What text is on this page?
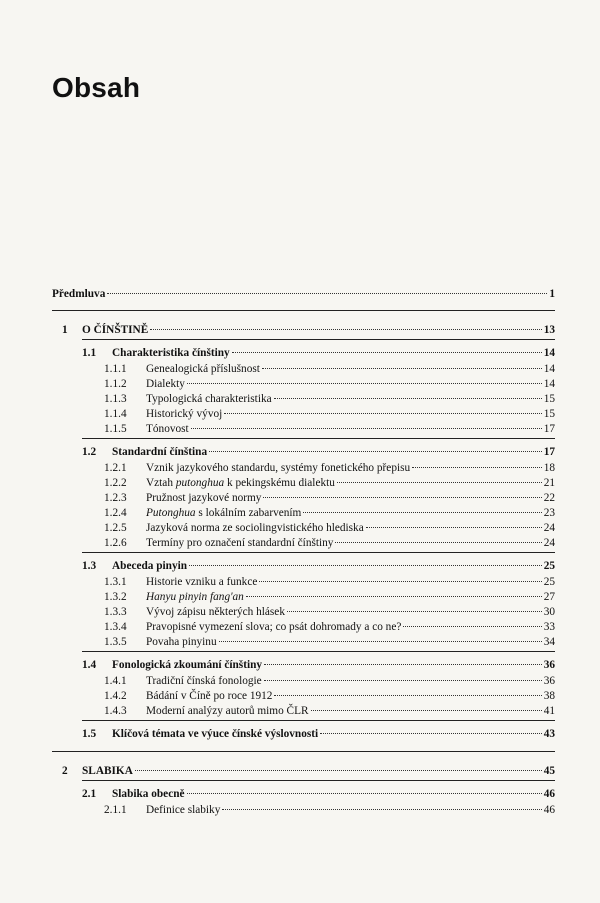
Obsah
Předmluva	1
1	O ČÍNŠTINĚ	13
1.1	Charakteristika čínštiny	14
1.1.1	Genealogická příslušnost	14
1.1.2	Dialekty	14
1.1.3	Typologická charakteristika	15
1.1.4	Historický vývoj	15
1.1.5	Tónovost	17
1.2	Standardní čínština	17
1.2.1	Vznik jazykového standardu, systémy fonetického přepisu	18
1.2.2	Vztah putonghua k pekingskému dialektu	21
1.2.3	Pružnost jazykové normy	22
1.2.4	Putonghua s lokálním zabarvením	23
1.2.5	Jazyková norma ze sociolingvistického hlediska	24
1.2.6	Termíny pro označení standardní čínštiny	24
1.3	Abeceda pinyin	25
1.3.1	Historie vzniku a funkce	25
1.3.2	Hanyu pinyin fang'an	27
1.3.3	Vývoj zápisu některých hlásek	30
1.3.4	Pravopisné vymezení slova; co psát dohromady a co ne?	33
1.3.5	Povaha pinyinu	34
1.4	Fonologická zkoumání čínštiny	36
1.4.1	Tradiční čínská fonologie	36
1.4.2	Bádání v Číně po roce 1912	38
1.4.3	Moderní analýzy autorů mimo ČLR	41
1.5	Klíčová témata ve výuce čínské výslovnosti	43
2	SLABIKA	45
2.1	Slabika obecně	46
2.1.1	Definice slabiky	46
